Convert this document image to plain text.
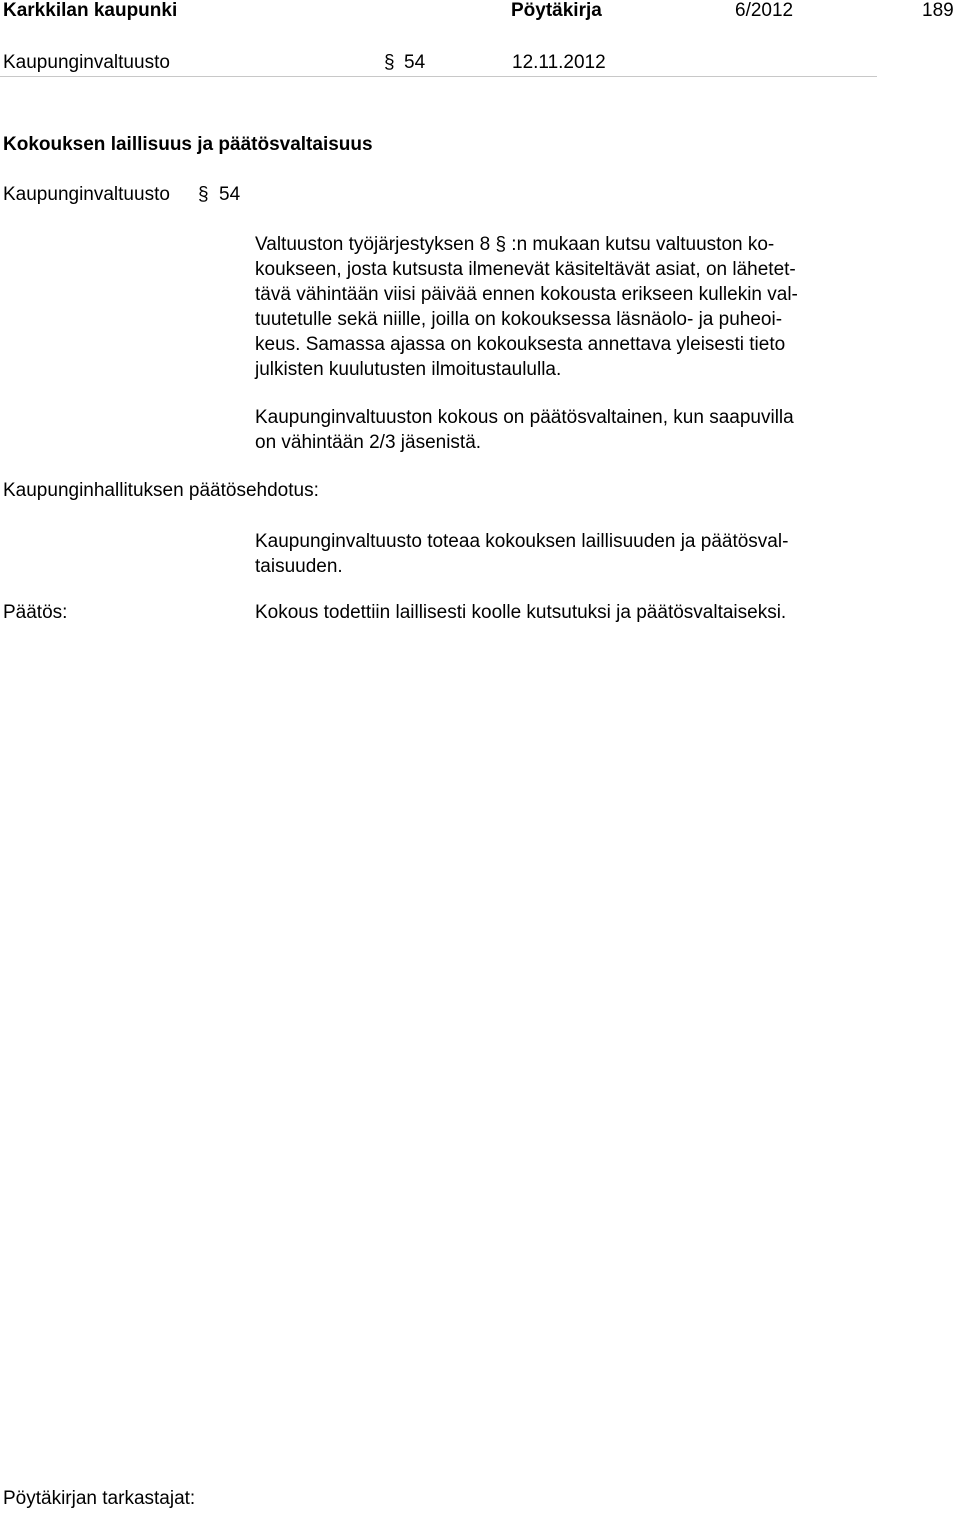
Karkkilan kaupunki	Pöytäkirja	6/2012	189
Kaupunginvaltuusto	§ 54	12.11.2012
Kokouksen laillisuus ja päätösvaltaisuus
Kaupunginvaltuusto § 54
Valtuuston työjärjestyksen 8 § :n mukaan kutsu valtuuston ko-
koukseen, josta kutsusta ilmenevät käsiteltävät asiat, on lähetet-
tävä vähintään viisi päivää ennen kokousta erikseen kullekin val-
tuutetulle sekä niille, joilla on kokouksessa läsnäolo- ja puheoi-
keus. Samassa ajassa on kokouksesta annettava yleisesti tieto
julkisten kuulutusten ilmoitustaululla.
Kaupunginvaltuuston kokous on päätösvaltainen, kun saapuvilla
on vähintään 2/3 jäsenistä.
Kaupunginhallituksen päätösehdotus:
Kaupunginvaltuusto toteaa kokouksen laillisuuden ja päätösval-
taisuuden.
Päätös:	Kokous todettiin laillisesti koolle kutsutuksi ja päätösvaltaiseksi.
Pöytäkirjan tarkastajat:
